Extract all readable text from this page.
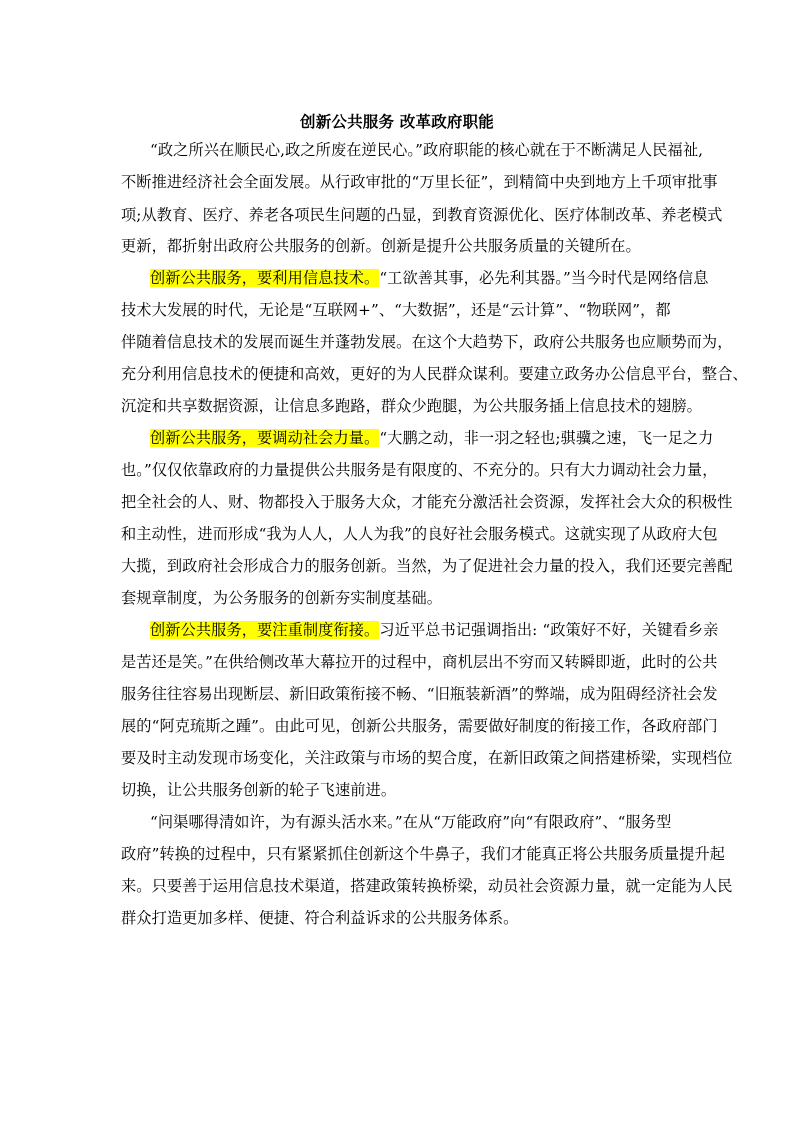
创新公共服务 改革政府职能
“政之所兴在顺民心,政之所废在逆民心。”政府职能的核心就在于不断满足人民福祉,
不断推进经济社会全面发展。从行政审批的“万里长征”，到精简中央到地方上千项审批事
项;从教育、医疗、养老各项民生问题的凸显，到教育资源优化、医疗体制改革、养老模式
更新，都折射出政府公共服务的创新。创新是提升公共服务质量的关键所在。
创新公共服务，要利用信息技术。“工欲善其事，必先利其器。”当今时代是网络信息
技术大发展的时代，无论是“互联网+”、“大数据”，还是“云计算”、“物联网”，都
伴随着信息技术的发展而诞生并蓬勃发展。在这个大趋势下，政府公共服务也应顺势而为，
充分利用信息技术的便捷和高效，更好的为人民群众谋利。要建立政务办公信息平台，整合、
沉淀和共享数据资源，让信息多跑路，群众少跑腿，为公共服务插上信息技术的翅膀。
创新公共服务，要调动社会力量。“大鹏之动，非一羽之轻也;骐骥之速，飞一足之力
也。”仅仅依靠政府的力量提供公共服务是有限度的、不充分的。只有大力调动社会力量，
把全社会的人、财、物都投入于服务大众，才能充分激活社会资源，发挥社会大众的积极性
和主动性，进而形成“我为人人，人人为我”的良好社会服务模式。这就实现了从政府大包
大揽，到政府社会形成合力的服务创新。当然，为了促进社会力量的投入，我们还要完善配
套规章制度，为公务服务的创新夯实制度基础。
创新公共服务，要注重制度衔接。习近平总书记强调指出: “政策好不好，关键看乡亲
是苦还是笑。”在供给侧改革大幕拉开的过程中，商机层出不穷而又转瞬即逝，此时的公共
服务往往容易出现断层、新旧政策衔接不畅、“旧瓶装新酒”的弊端，成为阻碍经济社会发
展的“阿克琉斯之踵”。由此可见，创新公共服务，需要做好制度的衔接工作，各政府部门
要及时主动发现市场变化，关注政策与市场的契合度，在新旧政策之间搭建桥梁，实现档位
切换，让公共服务创新的轮子飞速前进。
“问渠哪得清如许，为有源头活水来。”在从“万能政府”向“有限政府”、“服务型
政府”转换的过程中，只有紧紧抓住创新这个牛鼻子，我们才能真正将公共服务质量提升起
来。只要善于运用信息技术渠道，搭建政策转换桥梁，动员社会资源力量，就一定能为人民
群众打造更加多样、便捷、符合利益诉求的公共服务体系。
